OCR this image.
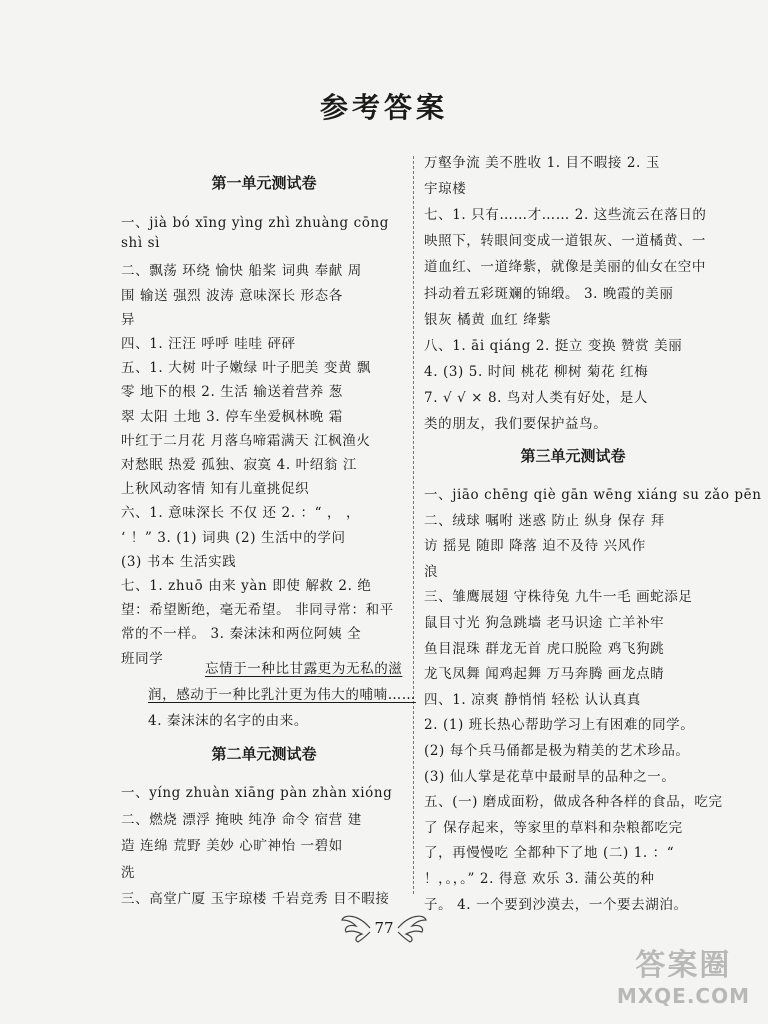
参考答案
第一单元测试卷
一、jià bó xīng yìng zhì zhuàng cōng
shì sì
二、飘荡 环绕 愉快 船桨 词典 奉献 周
围 输送 强烈 波涛 意味深长 形态各
异
四、1. 汪汪 呼呼 哇哇 砰砰
五、1. 大树 叶子嫩绿 叶子肥美 变黄 飘
零 地下的根 2. 生活 输送着营养 葱
翠 太阳 土地 3. 停车坐爱枫林晚 霜
叶红于二月花 月落乌啼霜满天 江枫渔火
对愁眠 热爱 孤独、寂寞 4. 叶绍翁 江
上秋风动客情 知有儿童挑促织
六、1. 意味深长 不仅 还 2. ：“ ， ，
‘ ！” 3. (1) 词典 (2) 生活中的学问
(3) 书本 生活实践
七、1. zhuō 由来 yàn 即使 解救 2. 绝
望：希望断绝，毫无希望。 非同寻常：和平
常的不一样。 3. 秦沫沫和两位阿姨 全
班同学
忘情于一种比甘露更为无私的滋
润，感动于一种比乳汁更为伟大的哺喃……
4. 秦沫沫的名字的由来。
第二单元测试卷
一、yíng zhuàn xiāng pàn zhàn xióng
二、燃烧 漂浮 掩映 纯净 命令 宿营 建
造 连绵 荒野 美妙 心旷神怡 一碧如
洗
三、高堂广厦 玉宇琼楼 千岩竞秀 目不暇接
万壑争流 美不胜收 1. 目不暇接 2. 玉
宇琼楼
七、1. 只有……才…… 2. 这些流云在落日的
映照下，转眼间变成一道银灰、一道橘黄、一
道血红、一道绛紫，就像是美丽的仙女在空中
抖动着五彩斑斓的锦缎。 3. 晚霞的美丽
银灰 橘黄 血红 绛紫
八、1. āi qiáng 2. 挺立 变换 赞赏 美丽
4. (3) 5. 时间 桃花 柳树 菊花 红梅
7. √ √ × 8. 鸟对人类有好处，是人
类的朋友，我们要保护益鸟。
第三单元测试卷
一、jiāo chēng qiè gān wēng xiáng su zǎo pēn
二、绒球 嘱咐 迷惑 防止 纵身 保存 拜
访 摇晃 随即 降落 迫不及待 兴风作
浪
三、雏鹰展翅 守株待兔 九牛一毛 画蛇添足
鼠目寸光 狗急跳墙 老马识途 亡羊补牢
鱼目混珠 群龙无首 虎口脱险 鸡飞狗跳
龙飞凤舞 闻鸡起舞 万马奔腾 画龙点睛
四、1. 凉爽 静悄悄 轻松 认认真真
2. (1) 班长热心帮助学习上有困难的同学。
(2) 每个兵马俑都是极为精美的艺术珍品。
(3) 仙人掌是花草中最耐旱的品种之一。
五、(一) 磨成面粉，做成各种各样的食品，吃完
了 保存起来，等家里的草料和杂粮都吃完
了，再慢慢吃 全都种下了地 (二) 1. ：“
！，。，。” 2. 得意 欢乐 3. 蒲公英的种
子。 4. 一个要到沙漠去，一个要去湖泊。
77
答案圈
MXQE.COM
